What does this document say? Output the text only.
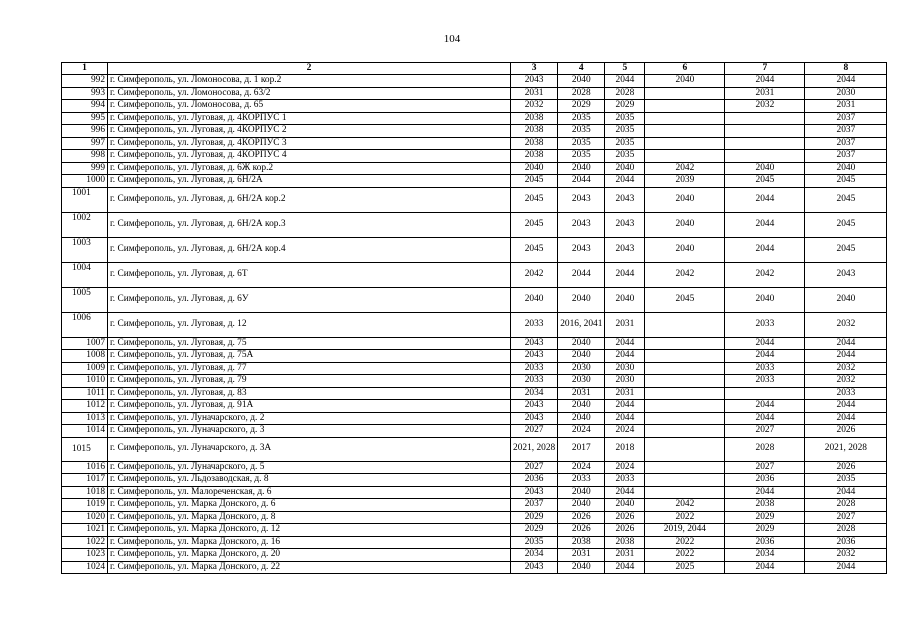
104
1	2	3	4	5	6	7	8
992	г. Симферополь, ул. Ломоносова, д. 1 кор.2	2043	2040	2044	2040	2044	2044
993	г. Симферополь, ул. Ломоносова, д. 63/2	2031	2028	2028		2031	2030
994	г. Симферополь, ул. Ломоносова, д. 65	2032	2029	2029		2032	2031
995	г. Симферополь, ул. Луговая, д. 4КОРПУС 1	2038	2035	2035			2037
996	г. Симферополь, ул. Луговая, д. 4КОРПУС 2	2038	2035	2035			2037
997	г. Симферополь, ул. Луговая, д. 4КОРПУС 3	2038	2035	2035			2037
998	г. Симферополь, ул. Луговая, д. 4КОРПУС 4	2038	2035	2035			2037
999	г. Симферополь, ул. Луговая, д. 6Ж кор.2	2040	2040	2040	2042	2040	2040
1000	г. Симферополь, ул. Луговая, д. 6Н/2А	2045	2044	2044	2039	2045	2045
1001	г. Симферополь, ул. Луговая, д. 6Н/2А кор.2	2045	2043	2043	2040	2044	2045
1002	г. Симферополь, ул. Луговая, д. 6Н/2А кор.3	2045	2043	2043	2040	2044	2045
1003	г. Симферополь, ул. Луговая, д. 6Н/2А кор.4	2045	2043	2043	2040	2044	2045
1004	г. Симферополь, ул. Луговая, д. 6Т	2042	2044	2044	2042	2042	2043
1005	г. Симферополь, ул. Луговая, д. 6У	2040	2040	2040	2045	2040	2040
1006	г. Симферополь, ул. Луговая, д. 12	2033	2016, 2041	2031		2033	2032
1007	г. Симферополь, ул. Луговая, д. 75	2043	2040	2044		2044	2044
1008	г. Симферополь, ул. Луговая, д. 75А	2043	2040	2044		2044	2044
1009	г. Симферополь, ул. Луговая, д. 77	2033	2030	2030		2033	2032
1010	г. Симферополь, ул. Луговая, д. 79	2033	2030	2030		2033	2032
1011	г. Симферополь, ул. Луговая, д. 83	2034	2031	2031			2033
1012	г. Симферополь, ул. Луговая, д. 91А	2043	2040	2044		2044	2044
1013	г. Симферополь, ул. Луначарского, д. 2	2043	2040	2044		2044	2044
1014	г. Симферополь, ул. Луначарского, д. 3	2027	2024	2024		2027	2026
1015	г. Симферополь, ул. Луначарского, д. 3А	2021, 2028	2017	2018		2028	2021, 2028
1016	г. Симферополь, ул. Луначарского, д. 5	2027	2024	2024		2027	2026
1017	г. Симферополь, ул. Льдозаводская, д. 8	2036	2033	2033		2036	2035
1018	г. Симферополь, ул. Малореченская, д. 6	2043	2040	2044		2044	2044
1019	г. Симферополь, ул. Марка Донского, д. 6	2037	2040	2040	2042	2038	2028
1020	г. Симферополь, ул. Марка Донского, д. 8	2029	2026	2026	2022	2029	2027
1021	г. Симферополь, ул. Марка Донского, д. 12	2029	2026	2026	2019, 2044	2029	2028
1022	г. Симферополь, ул. Марка Донского, д. 16	2035	2038	2038	2022	2036	2036
1023	г. Симферополь, ул. Марка Донского, д. 20	2034	2031	2031	2022	2034	2032
1024	г. Симферополь, ул. Марка Донского, д. 22	2043	2040	2044	2025	2044	2044
